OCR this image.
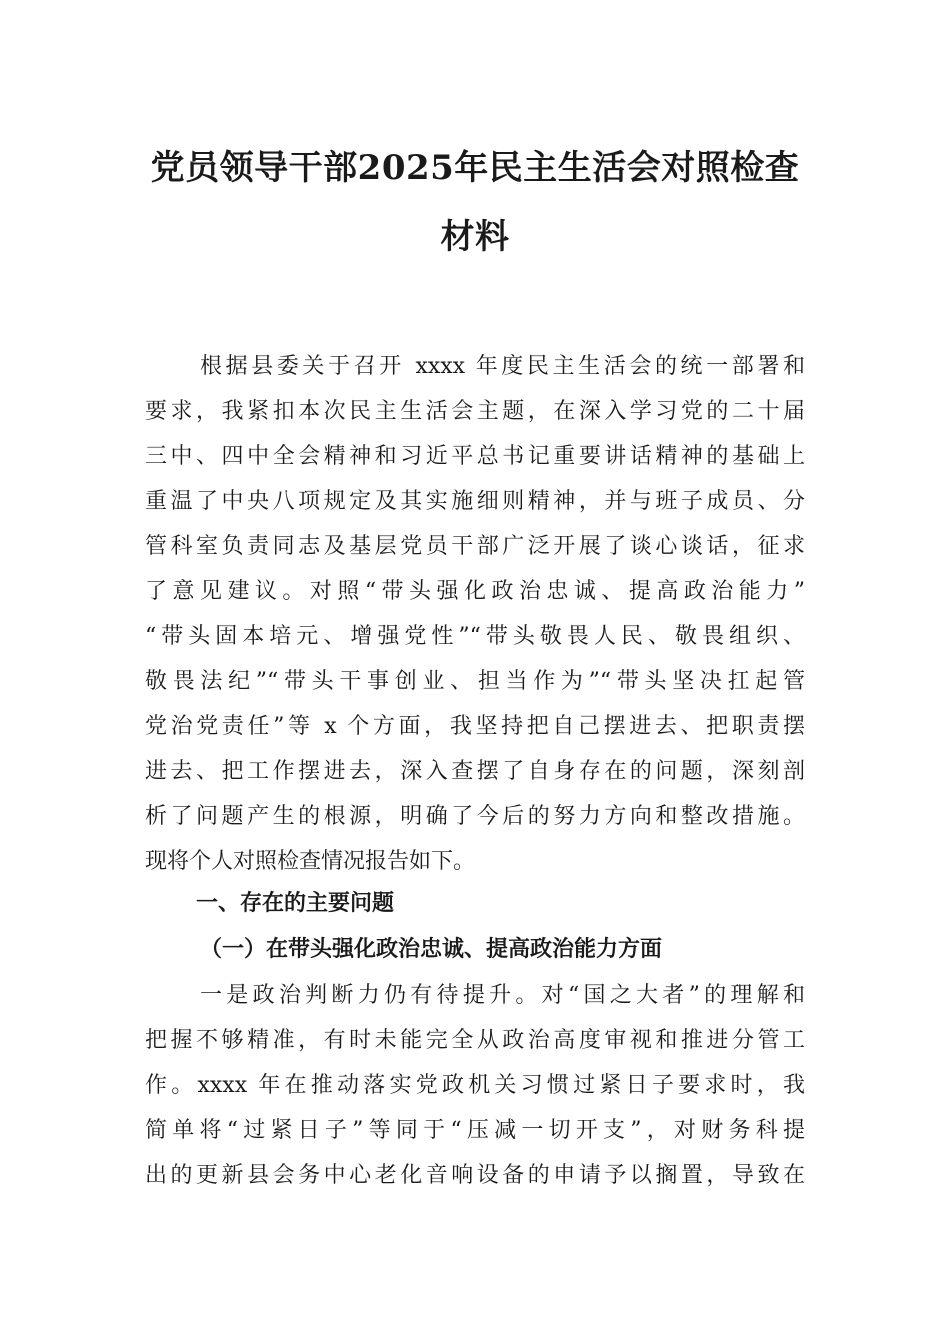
党员领导干部2025年民主生活会对照检查
材料

根据县委关于召开 xxxx 年度民主生活会的统一部署和

要求，我紧扣本次民主生活会主题，在深入学习党的二十届

三中、四中全会精神和习近平总书记重要讲话精神的基础上

重温了中央八项规定及其实施细则精神，并与班子成员、分

管科室负责同志及基层党员干部广泛开展了谈心谈话，征求

了意见建议。对照“带头强化政治忠诚、提高政治能力”

“带头固本培元、增强党性”“带头敬畏人民、敬畏组织、

敬畏法纪”“带头干事创业、担当作为”“带头坚决扛起管

党治党责任”等 x 个方面，我坚持把自己摆进去、把职责摆

进去、把工作摆进去，深入查摆了自身存在的问题，深刻剖

析了问题产生的根源，明确了今后的努力方向和整改措施。

现将个人对照检查情况报告如下。

一、存在的主要问题
（一）在带头强化政治忠诚、提高政治能力方面

一是政治判断力仍有待提升。对“国之大者”的理解和

把握不够精准，有时未能完全从政治高度审视和推进分管工

作。xxxx 年在推动落实党政机关习惯过紧日子要求时，我

简单将“过紧日子”等同于“压减一切开支”，对财务科提

出的更新县会务中心老化音响设备的申请予以搁置，导致在
